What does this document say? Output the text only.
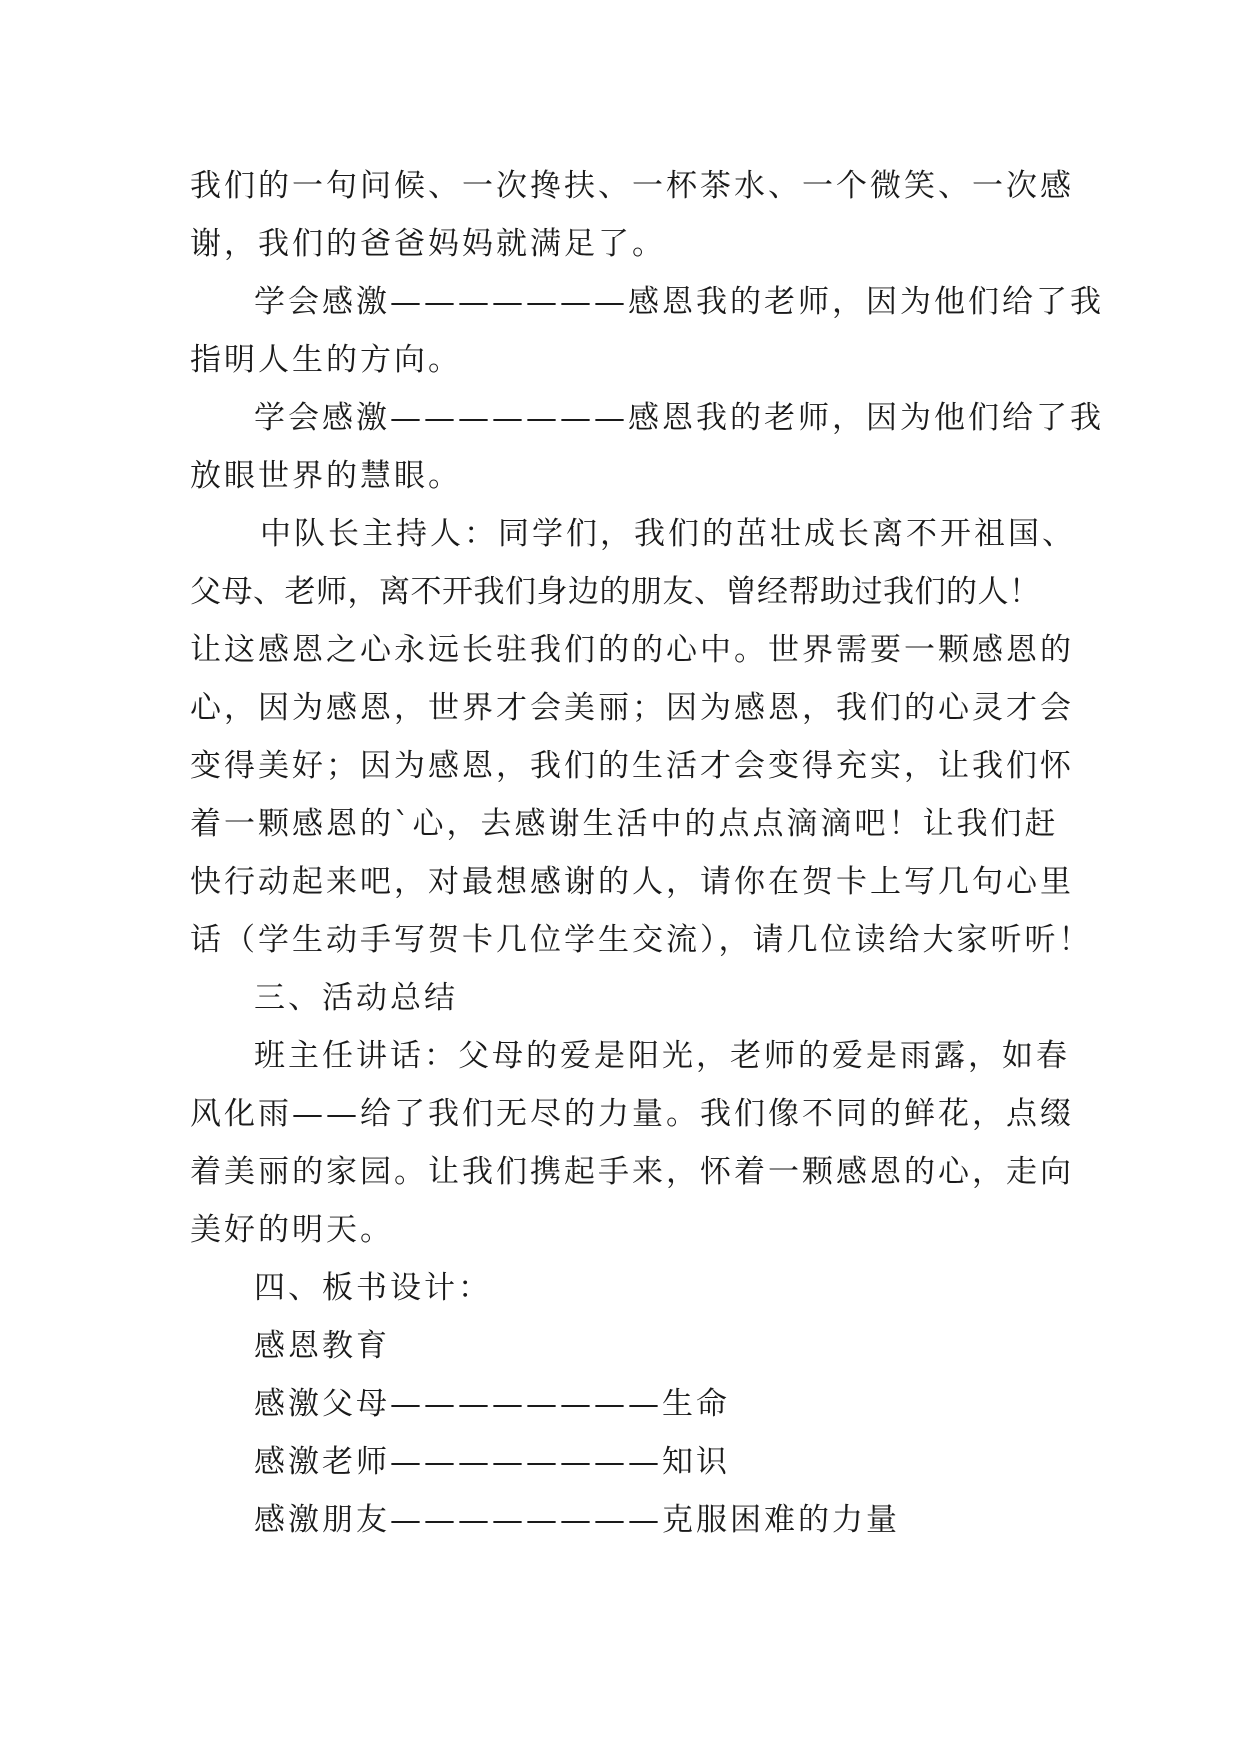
我们的一句问候、一次搀扶、一杯茶水、一个微笑、一次感
谢，我们的爸爸妈妈就满足了。
学会感激———————感恩我的老师，因为他们给了我
指明人生的方向。
学会感激———————感恩我的老师，因为他们给了我
放眼世界的慧眼。
中队长主持人：同学们，我们的茁壮成长离不开祖国、
父母、老师，离不开我们身边的朋友、曾经帮助过我们的人！
让这感恩之心永远长驻我们的的心中。世界需要一颗感恩的
心，因为感恩，世界才会美丽；因为感恩，我们的心灵才会
变得美好；因为感恩，我们的生活才会变得充实，让我们怀
着一颗感恩的`心，去感谢生活中的点点滴滴吧！让我们赶
快行动起来吧，对最想感谢的人，请你在贺卡上写几句心里
话（学生动手写贺卡几位学生交流），请几位读给大家听听！
三、活动总结
班主任讲话：父母的爱是阳光，老师的爱是雨露，如春
风化雨——给了我们无尽的力量。我们像不同的鲜花，点缀
着美丽的家园。让我们携起手来，怀着一颗感恩的心，走向
美好的明天。
四、板书设计：
感恩教育
感激父母————————生命
感激老师————————知识
感激朋友————————克服困难的力量
